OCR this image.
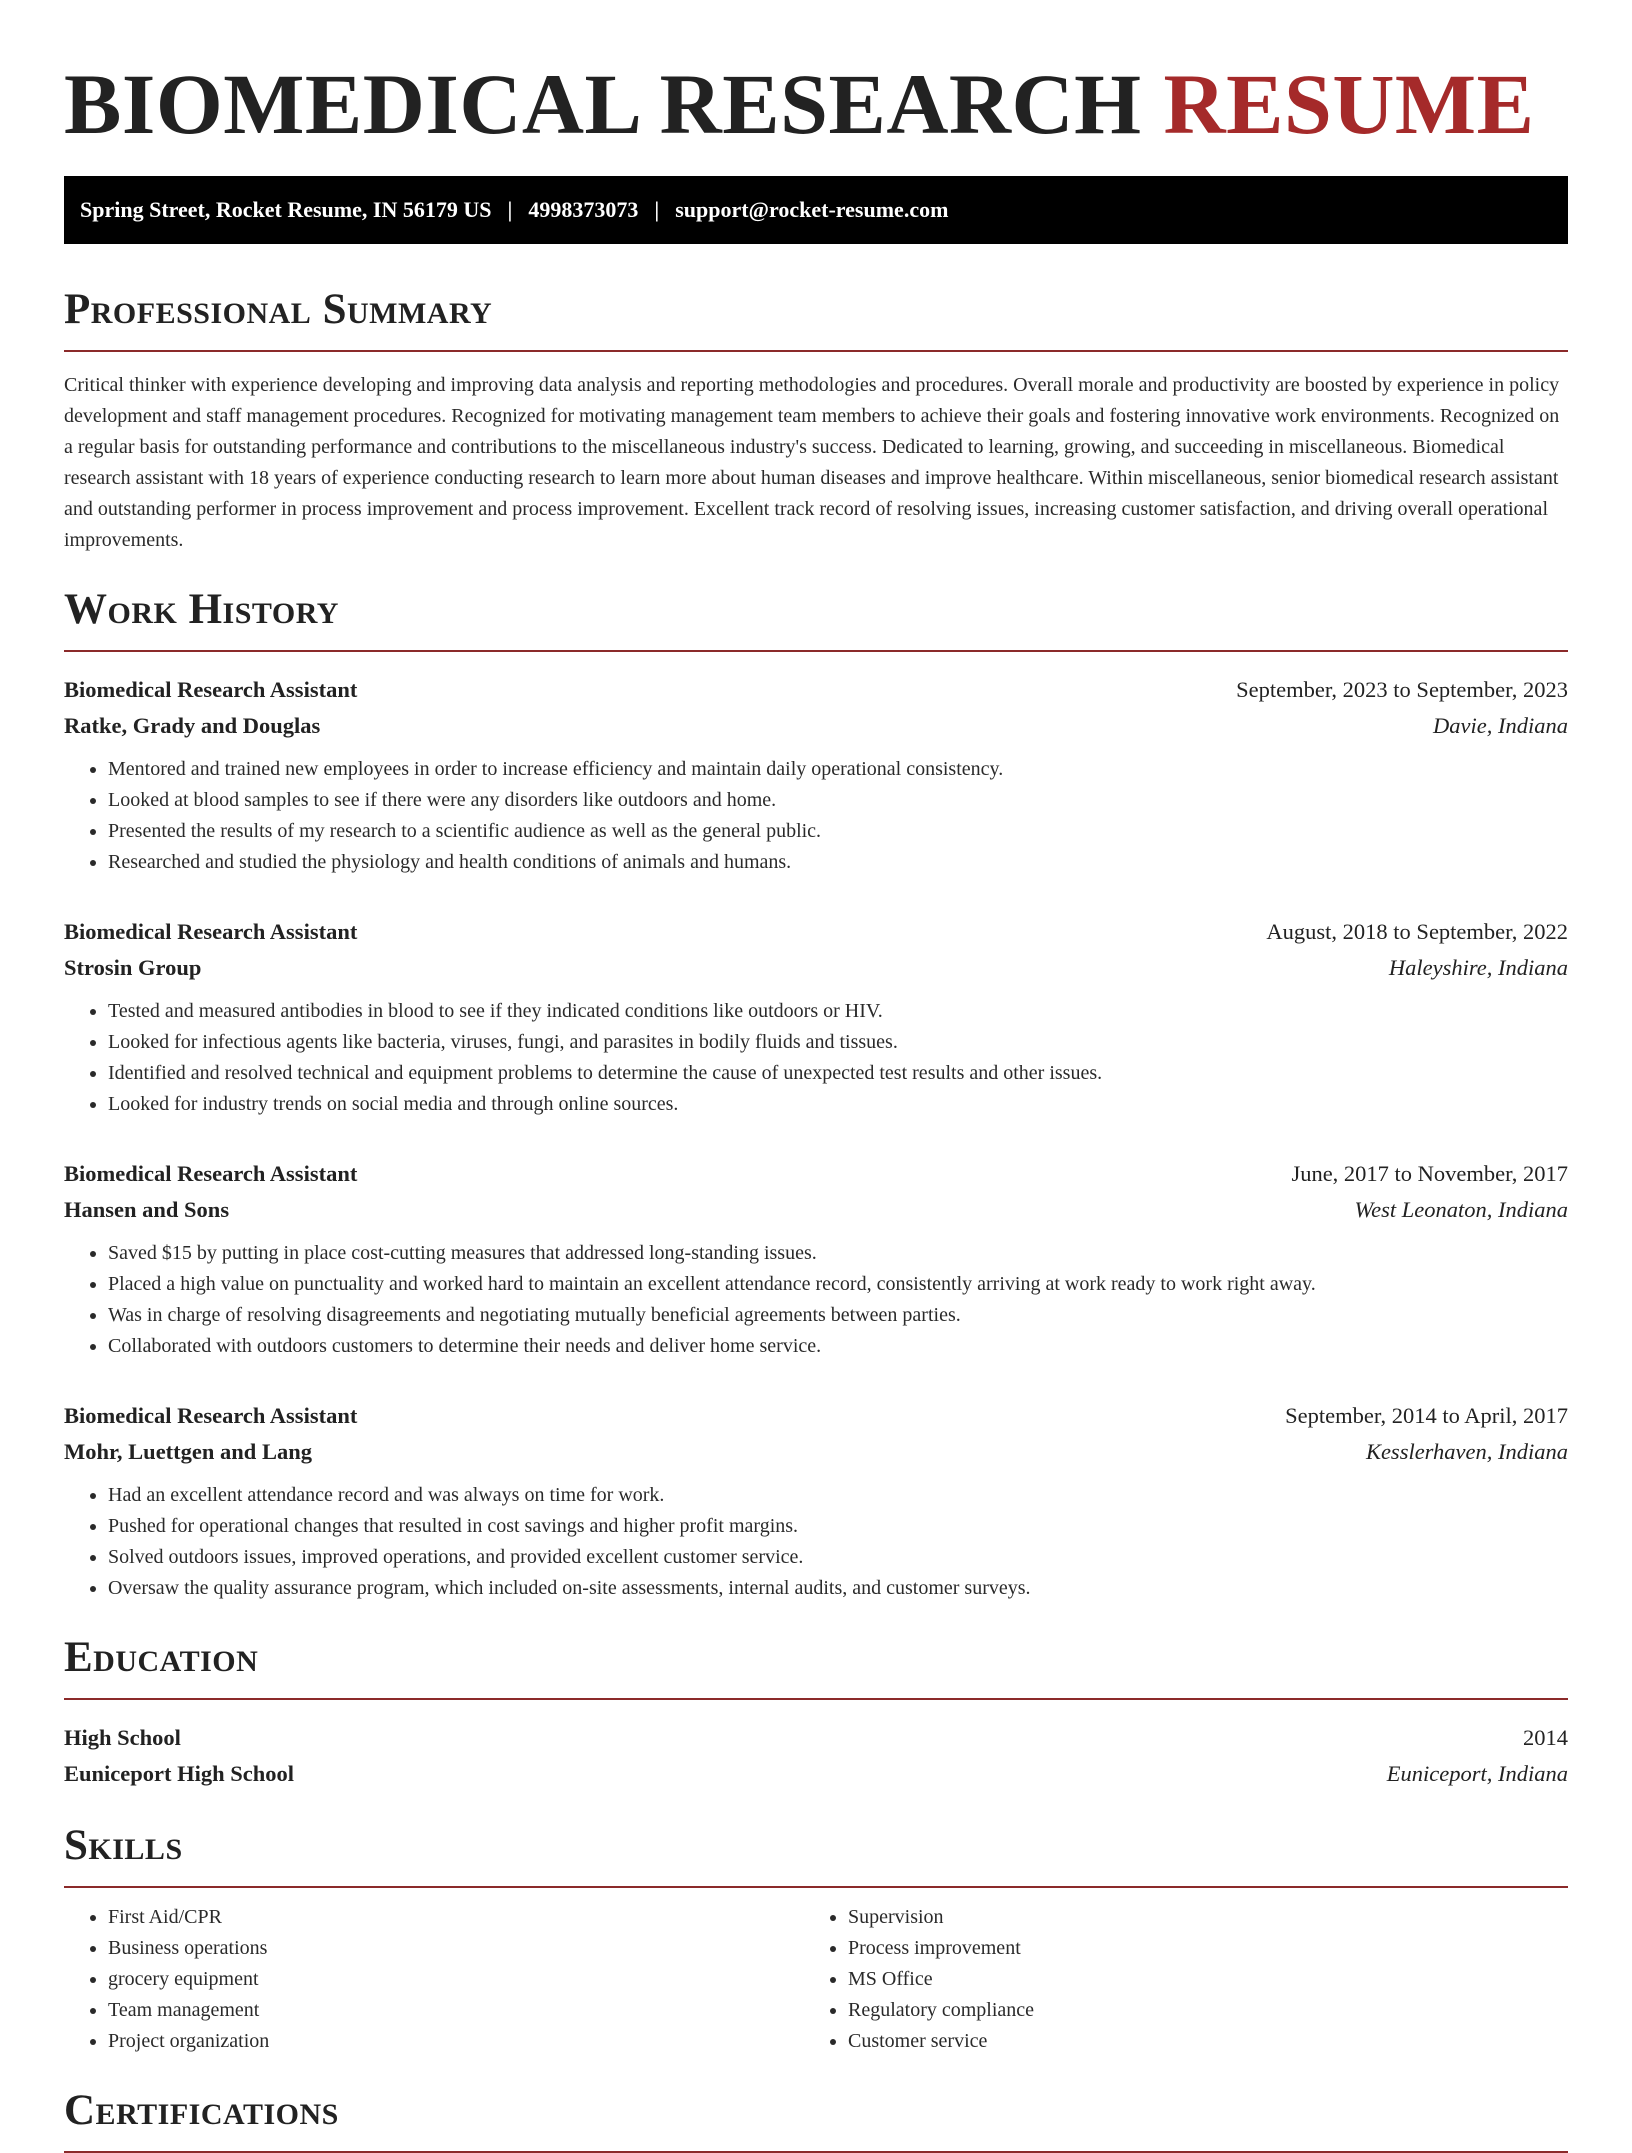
BIOMEDICAL RESEARCH RESUME
Spring Street, Rocket Resume, IN 56179 US | 4998373073 | support@rocket-resume.com
Professional Summary

Critical thinker with experience developing and improving data analysis and reporting methodologies and procedures. Overall morale and productivity are boosted by experience in policy development and staff management procedures. Recognized for motivating management team members to achieve their goals and fostering innovative work environments. Recognized on a regular basis for outstanding performance and contributions to the miscellaneous industry's success. Dedicated to learning, growing, and succeeding in miscellaneous. Biomedical research assistant with 18 years of experience conducting research to learn more about human diseases and improve healthcare. Within miscellaneous, senior biomedical research assistant and outstanding performer in process improvement and process improvement. Excellent track record of resolving issues, increasing customer satisfaction, and driving overall operational improvements.

Work History
Biomedical Research Assistant	September, 2023 to September, 2023
Ratke, Grady and Douglas	Davie, Indiana
• Mentored and trained new employees in order to increase efficiency and maintain daily operational consistency.
• Looked at blood samples to see if there were any disorders like outdoors and home.
• Presented the results of my research to a scientific audience as well as the general public.
• Researched and studied the physiology and health conditions of animals and humans.
Biomedical Research Assistant	August, 2018 to September, 2022
Strosin Group	Haleyshire, Indiana
• Tested and measured antibodies in blood to see if they indicated conditions like outdoors or HIV.
• Looked for infectious agents like bacteria, viruses, fungi, and parasites in bodily fluids and tissues.
• Identified and resolved technical and equipment problems to determine the cause of unexpected test results and other issues.
• Looked for industry trends on social media and through online sources.
Biomedical Research Assistant	June, 2017 to November, 2017
Hansen and Sons	West Leonaton, Indiana
• Saved $15 by putting in place cost-cutting measures that addressed long-standing issues.
• Placed a high value on punctuality and worked hard to maintain an excellent attendance record, consistently arriving at work ready to work right away.
• Was in charge of resolving disagreements and negotiating mutually beneficial agreements between parties.
• Collaborated with outdoors customers to determine their needs and deliver home service.
Biomedical Research Assistant	September, 2014 to April, 2017
Mohr, Luettgen and Lang	Kesslerhaven, Indiana
• Had an excellent attendance record and was always on time for work.
• Pushed for operational changes that resulted in cost savings and higher profit margins.
• Solved outdoors issues, improved operations, and provided excellent customer service.
• Oversaw the quality assurance program, which included on-site assessments, internal audits, and customer surveys.
Education
High School	2014
Euniceport High School	Euniceport, Indiana
Skills
• First Aid/CPR
• Business operations
• grocery equipment
• Team management
• Project organization
• Supervision
• Process improvement
• MS Office
• Regulatory compliance
• Customer service
Certifications
